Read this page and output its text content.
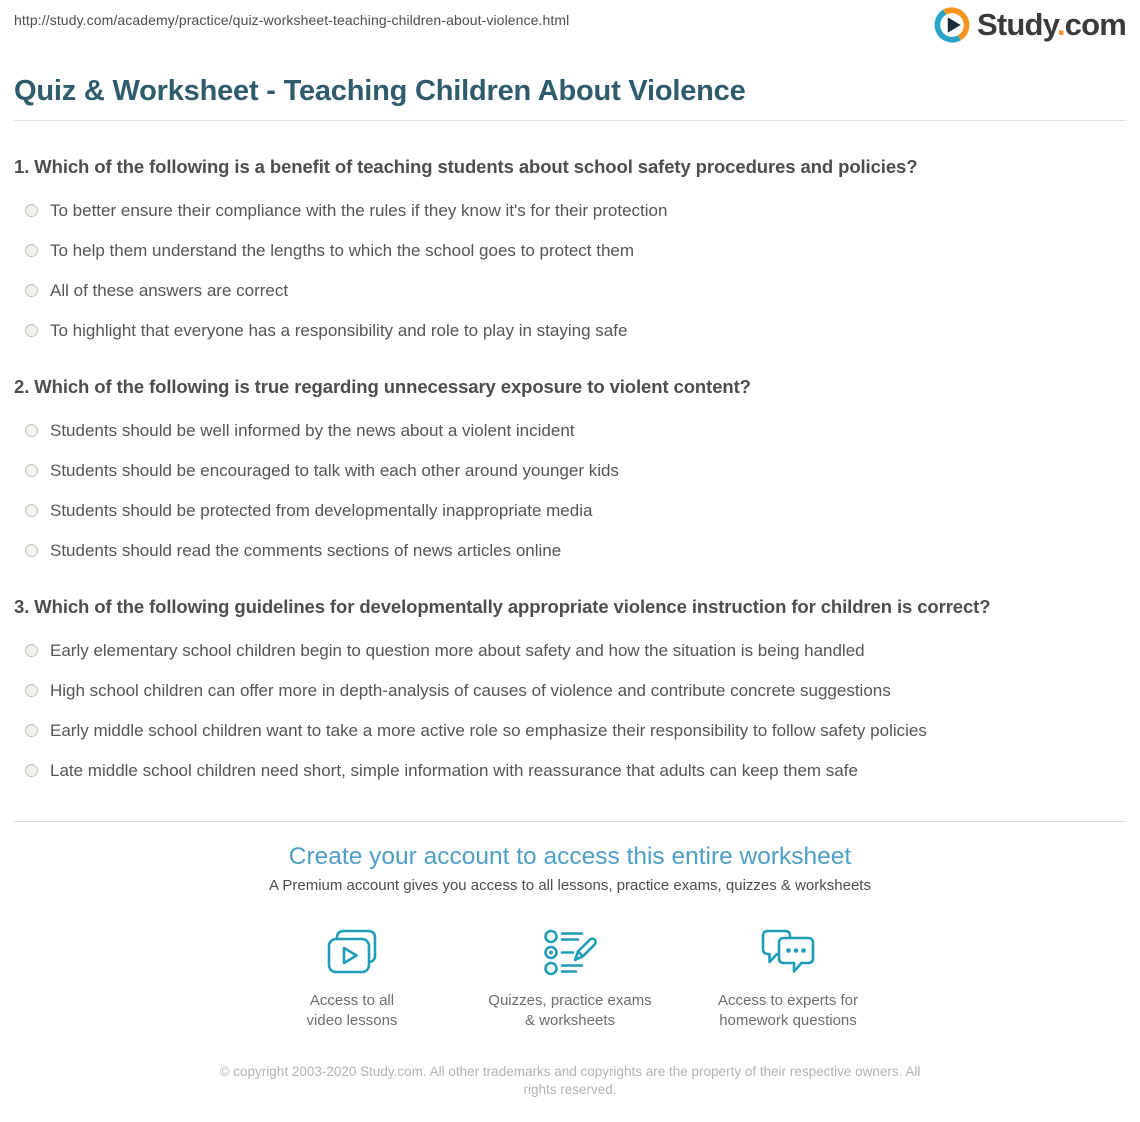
http://study.com/academy/practice/quiz-worksheet-teaching-children-about-violence.html	Study.com
Quiz & Worksheet - Teaching Children About Violence
1. Which of the following is a benefit of teaching students about school safety procedures and policies?
To better ensure their compliance with the rules if they know it's for their protection
To help them understand the lengths to which the school goes to protect them
All of these answers are correct
To highlight that everyone has a responsibility and role to play in staying safe
2. Which of the following is true regarding unnecessary exposure to violent content?
Students should be well informed by the news about a violent incident
Students should be encouraged to talk with each other around younger kids
Students should be protected from developmentally inappropriate media
Students should read the comments sections of news articles online
3. Which of the following guidelines for developmentally appropriate violence instruction for children is correct?
Early elementary school children begin to question more about safety and how the situation is being handled
High school children can offer more in depth-analysis of causes of violence and contribute concrete suggestions
Early middle school children want to take a more active role so emphasize their responsibility to follow safety policies
Late middle school children need short, simple information with reassurance that adults can keep them safe
Create your account to access this entire worksheet
A Premium account gives you access to all lessons, practice exams, quizzes & worksheets
Access to all
video lessons
Quizzes, practice exams
& worksheets
Access to experts for
homework questions
© copyright 2003-2020 Study.com. All other trademarks and copyrights are the property of their respective owners. All rights reserved.
